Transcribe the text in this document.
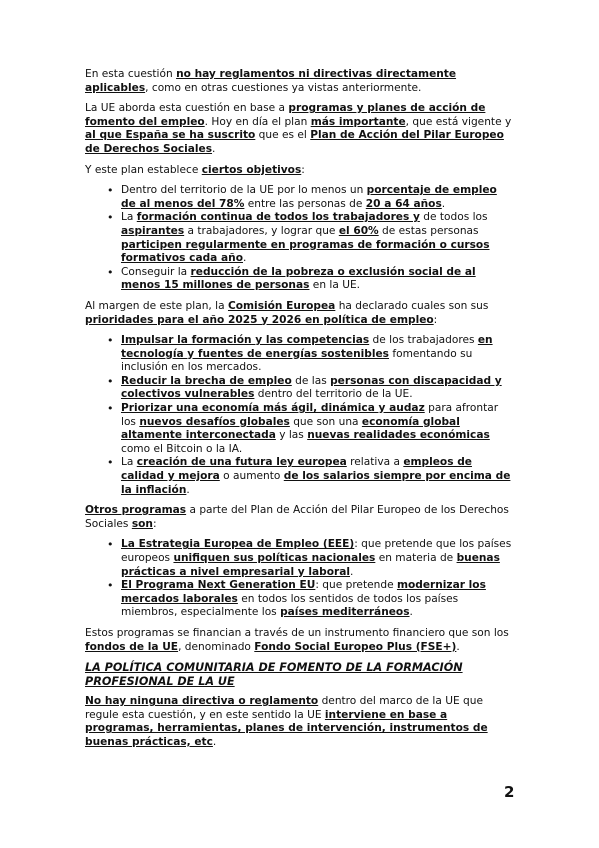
En esta cuestión no hay reglamentos ni directivas directamente aplicables, como en otras cuestiones ya vistas anteriormente.

La UE aborda esta cuestión en base a programas y planes de acción de fomento del empleo. Hoy en día el plan más importante, que está vigente y al que España se ha suscrito que es el Plan de Acción del Pilar Europeo de Derechos Sociales.

Y este plan establece ciertos objetivos:

• Dentro del territorio de la UE por lo menos un porcentaje de empleo de al menos del 78% entre las personas de 20 a 64 años.
• La formación continua de todos los trabajadores y de todos los aspirantes a trabajadores, y lograr que el 60% de estas personas participen regularmente en programas de formación o cursos formativos cada año.
• Conseguir la reducción de la pobreza o exclusión social de al menos 15 millones de personas en la UE.

Al margen de este plan, la Comisión Europea ha declarado cuales son sus prioridades para el año 2025 y 2026 en política de empleo:

• Impulsar la formación y las competencias de los trabajadores en tecnología y fuentes de energías sostenibles fomentando su inclusión en los mercados.
• Reducir la brecha de empleo de las personas con discapacidad y colectivos vulnerables dentro del territorio de la UE.
• Priorizar una economía más ágil, dinámica y audaz para afrontar los nuevos desafíos globales que son una economía global altamente interconectada y las nuevas realidades económicas como el Bitcoin o la IA.
• La creación de una futura ley europea relativa a empleos de calidad y mejora o aumento de los salarios siempre por encima de la inflación.

Otros programas a parte del Plan de Acción del Pilar Europeo de los Derechos Sociales son:

• La Estrategia Europea de Empleo (EEE): que pretende que los países europeos unifiquen sus políticas nacionales en materia de buenas prácticas a nivel empresarial y laboral.
• El Programa Next Generation EU: que pretende modernizar los mercados laborales en todos los sentidos de todos los países miembros, especialmente los países mediterráneos.

Estos programas se financian a través de un instrumento financiero que son los fondos de la UE, denominado Fondo Social Europeo Plus (FSE+).

LA POLÍTICA COMUNITARIA DE FOMENTO DE LA FORMACIÓN PROFESIONAL DE LA UE

No hay ninguna directiva o reglamento dentro del marco de la UE que regule esta cuestión, y en este sentido la UE interviene en base a programas, herramientas, planes de intervención, instrumentos de buenas prácticas, etc.

2
